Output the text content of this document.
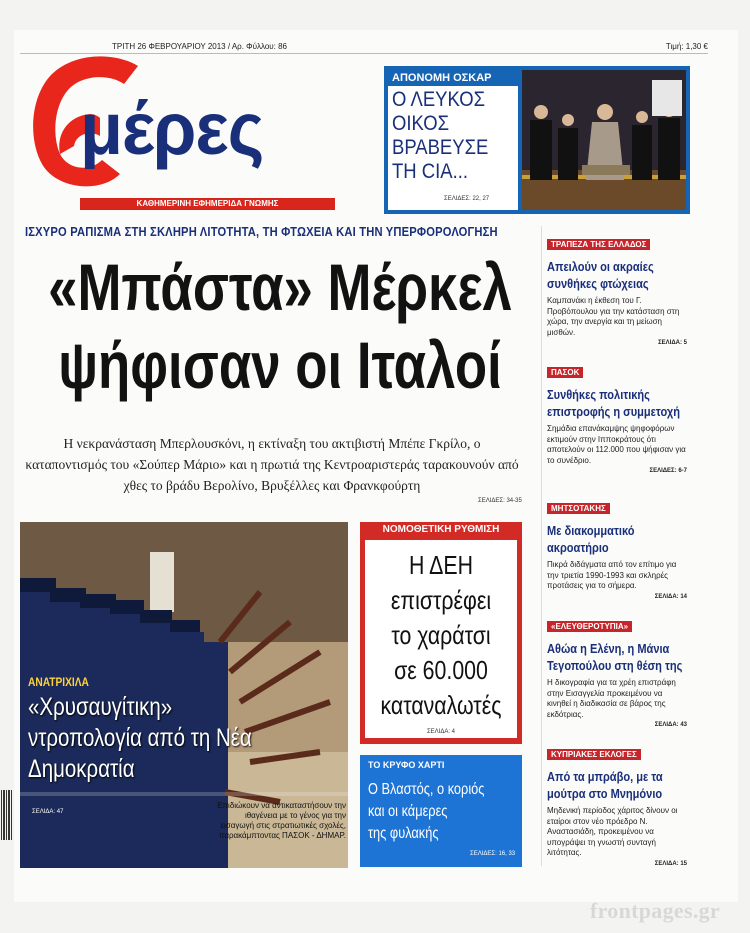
ΤΡΙΤΗ 26 ΦΕΒΡΟΥΑΡΙΟΥ 2013 / Αρ. Φύλλου: 86	Τιμή: 1,30 €
μέρες
ΚΑΘΗΜΕΡΙΝΗ ΕΦΗΜΕΡΙΔΑ ΓΝΩΜΗΣ
ΑΠΟΝΟΜΗ ΟΣΚΑΡ
Ο ΛΕΥΚΟΣ
ΟΙΚΟΣ
ΒΡΑΒΕΥΣΕ
ΤΗ CIA...
ΣΕΛΙΔΕΣ: 22, 27
ΙΣΧΥΡΟ ΡΑΠΙΣΜΑ ΣΤΗ ΣΚΛΗΡΗ ΛΙΤΟΤΗΤΑ, ΤΗ ΦΤΩΧΕΙΑ ΚΑΙ ΤΗΝ ΥΠΕΡΦΟΡΟΛΟΓΗΣΗ
«Μπάστα» Μέρκελ
ψήφισαν οι Ιταλοί
Η νεκρανάσταση Μπερλουσκόνι, η εκτίναξη του ακτιβιστή Μπέπε Γκρίλο, ο καταποντισμός του «Σούπερ Μάριο» και η πρωτιά της Κεντροαριστεράς ταρακουνούν από χθες το βράδυ Βερολίνο, Βρυξέλλες και Φρανκφούρτη
ΣΕΛΙΔΕΣ: 34-35
ΤΡΑΠΕΖΑ ΤΗΣ ΕΛΛΑΔΟΣ
Απειλούν οι ακραίες συνθήκες φτώχειας
Καμπανάκι η έκθεση του Γ. Προβόπουλου για την κατάσταση στη χώρα, την ανεργία και τη μείωση μισθών.
ΣΕΛΙΔΑ: 5
ΠΑΣΟΚ
Συνθήκες πολιτικής επιστροφής η συμμετοχή
Σημάδια επανάκαμψης ψηφοφόρων εκτιμούν στην Ιπποκράτους ότι αποτελούν οι 112.000 που ψήφισαν για το συνέδριο.
ΣΕΛΙΔΕΣ: 6-7
ΜΗΤΣΟΤΑΚΗΣ
Με διακομματικό ακροατήριο
Πικρά διδάγματα από τον επίτιμο για την τριετία 1990-1993 και σκληρές προτάσεις για το σήμερα.
ΣΕΛΙΔΑ: 14
«ΕΛΕΥΘΕΡΟΤΥΠΙΑ»
Αθώα η Ελένη, η Μάνια Τεγοπούλου στη θέση της
Η δικογραφία για τα χρέη επιστράφη στην Εισαγγελία προκειμένου να κινηθεί η διαδικασία σε βάρος της εκδότριας.
ΣΕΛΙΔΑ: 43
ΚΥΠΡΙΑΚΕΣ ΕΚΛΟΓΕΣ
Από τα μπράβο, με τα μούτρα στο Μνημόνιο
Μηδενική περίοδος χάριτος δίνουν οι εταίροι στον νέο πρόεδρο Ν. Αναστασιάδη, προκειμένου να υπογράψει τη γνωστή συνταγή λιτότητας.
ΣΕΛΙΔΑ: 15
ΑΝΑΤΡΙΧΙΛΑ
«Χρυσαυγίτικη» ντροπολογία από τη Νέα Δημοκρατία
ΣΕΛΙΔΑ: 47
Επιδιώκουν να αντικαταστήσουν την ιθαγένεια με το γένος για την εισαγωγή στις στρατιωτικές σχολές, παρακάμπτοντας ΠΑΣΟΚ - ΔΗΜΑΡ.
ΝΟΜΟΘΕΤΙΚΗ ΡΥΘΜΙΣΗ
Η ΔΕΗ
επιστρέφει
το χαράτσι
σε 60.000
καταναλωτές
ΣΕΛΙΔΑ: 4
ΤΟ ΚΡΥΦΟ ΧΑΡΤΙ
Ο Βλαστός, ο κοριός
και οι κάμερες
της φυλακής
ΣΕΛΙΔΕΣ: 16, 33
frontpages.gr
